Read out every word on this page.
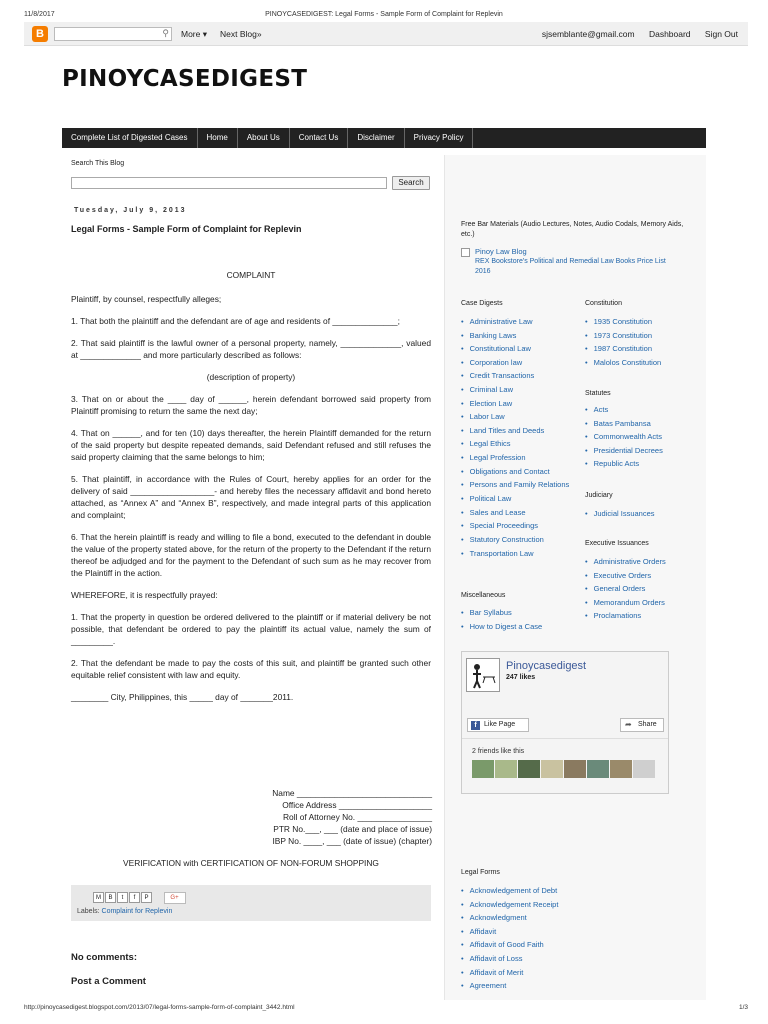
11/8/2017	PINOYCASEDIGEST: Legal Forms - Sample Form of Complaint for Replevin
B	⚲ More ▾ Next Blog»	sjsemblante@gmail.com Dashboard Sign Out
PINOYCASEDIGEST
Complete List of Digested Cases	Home	About Us	Contact Us	Disclaimer	Privacy Policy
Search This Blog
Search
Tuesday, July 9, 2013
Legal Forms - Sample Form of Complaint for Replevin

COMPLAINT

Plaintiff, by counsel, respectfully alleges;

1. That both the plaintiff and the defendant are of age and residents of ______________;

2. That said plaintiff is the lawful owner of a personal property, namely, _____________, valued at _____________ and more particularly described as follows:

(description of property)

3. That on or about the ____ day of ______, herein defendant borrowed said property from Plaintiff promising to return the same the next day;

4. That on ______, and for ten (10) days thereafter, the herein Plaintiff demanded for the return of the said property but despite repeated demands, said Defendant refused and still refuses the said property claiming that the same belongs to him;

5. That plaintiff, in accordance with the Rules of Court, hereby applies for an order for the delivery of said __________________- and hereby files the necessary affidavit and bond hereto attached, as “Annex A” and “Annex B”, respectively, and made integral parts of this application and complaint;

6. That the herein plaintiff is ready and willing to file a bond, executed to the defendant in double the value of the property stated above, for the return of the property to the Defendant if the return thereof be adjudged and for the payment to the Defendant of such sum as he may recover from the Plaintiff in the action.

WHEREFORE, it is respectfully prayed:

1. That the property in question be ordered delivered to the plaintiff or if material delivery be not possible, that defendant be ordered to pay the plaintiff its actual value, namely the sum of _________.

2. That the defendant be made to pay the costs of this suit, and plaintiff be granted such other equitable relief consistent with law and equity.

________ City, Philippines, this _____ day of _______2011.

Name _____________________________
Office Address ____________________
Roll of Attorney No. ________________
PTR No.___, ___ (date and place of issue)
IBP No. ____, ___ (date of issue) (chapter)
VERIFICATION with CERTIFICATION OF NON-FORUM SHOPPING
M B t f P	G+
Labels: Complaint for Replevin
No comments:
Post a Comment
Free Bar Materials (Audio Lectures, Notes, Audio Codals, Memory Aids, etc.)
Pinoy Law Blog
REX Bookstore's Political and Remedial Law Books Price List 2016
Case Digests
• Administrative Law
• Banking Laws
• Constitutional Law
• Corporation law
• Credit Transactions
• Criminal Law
• Election Law
• Labor Law
• Land Titles and Deeds
• Legal Ethics
• Legal Profession
• Obligations and Contact
• Persons and Family Relations
• Political Law
• Sales and Lease
• Special Proceedings
• Statutory Construction
• Transportation Law
Constitution
• 1935 Constitution
• 1973 Constitution
• 1987 Constitution
• Malolos Constitution
Statutes
• Acts
• Batas Pambansa
• Commonwealth Acts
• Presidential Decrees
• Republic Acts
Judiciary
• Judicial Issuances
Executive Issuances
• Administrative Orders
• Executive Orders
• General Orders
• Memorandum Orders
• Proclamations
Miscellaneous
• Bar Syllabus
• How to Digest a Case
Pinoycasedigest
247 likes
f	Like Page	➦ Share
2 friends like this
Legal Forms
• Acknowledgement of Debt
• Acknowledgement Receipt
• Acknowledgment
• Affidavit
• Affidavit of Good Faith
• Affidavit of Loss
• Affidavit of Merit
• Agreement
http://pinoycasedigest.blogspot.com/2013/07/legal-forms-sample-form-of-complaint_3442.html	1/3
